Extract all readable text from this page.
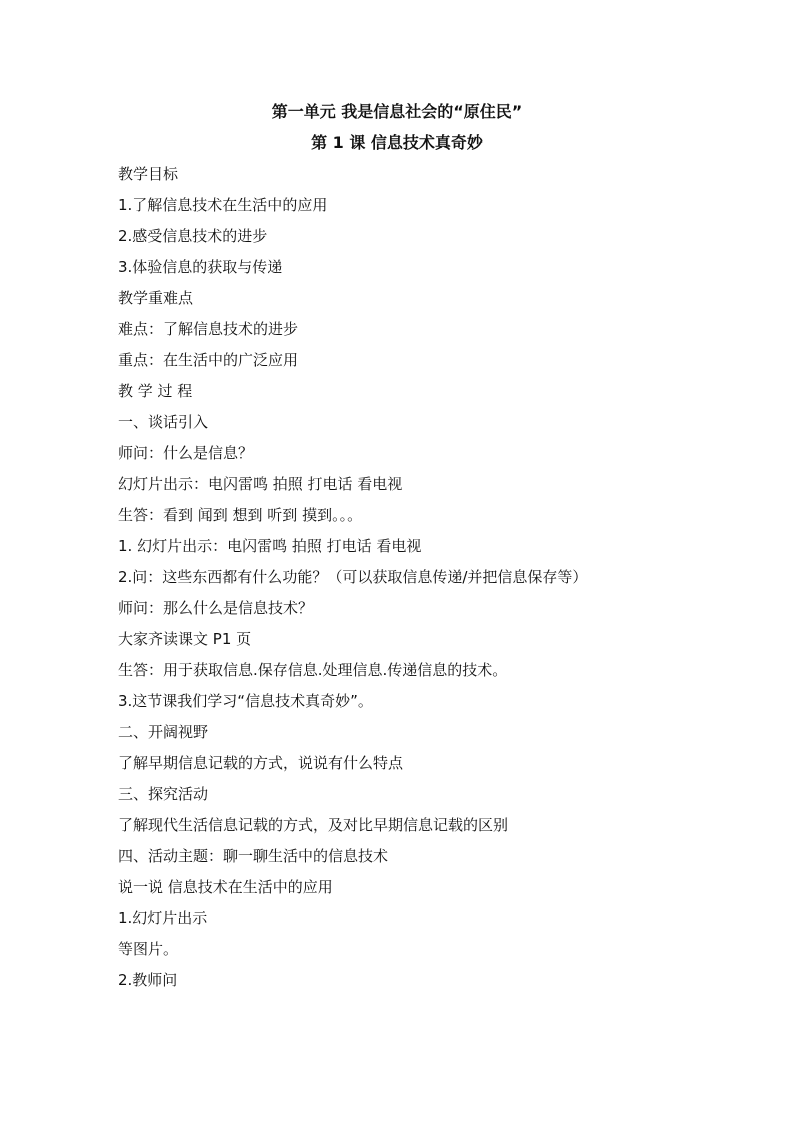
第一单元 我是信息社会的“原住民”
第 1 课 信息技术真奇妙
教学目标
1.了解信息技术在生活中的应用
2.感受信息技术的进步
3.体验信息的获取与传递
教学重难点
难点：了解信息技术的进步
重点：在生活中的广泛应用
教 学 过 程
一、谈话引入
师问：什么是信息？
幻灯片出示：电闪雷鸣 拍照 打电话 看电视
生答：看到 闻到 想到 听到 摸到。。。
1. 幻灯片出示：电闪雷鸣 拍照 打电话 看电视
2.问：这些东西都有什么功能？（可以获取信息传递/并把信息保存等）
师问：那么什么是信息技术？
大家齐读课文 P1 页
生答：用于获取信息.保存信息.处理信息.传递信息的技术。
3.这节课我们学习“信息技术真奇妙”。
二、开阔视野
了解早期信息记载的方式，说说有什么特点
三、探究活动
了解现代生活信息记载的方式，及对比早期信息记载的区别
四、活动主题：聊一聊生活中的信息技术
说一说 信息技术在生活中的应用
1.幻灯片出示
等图片。
2.教师问
